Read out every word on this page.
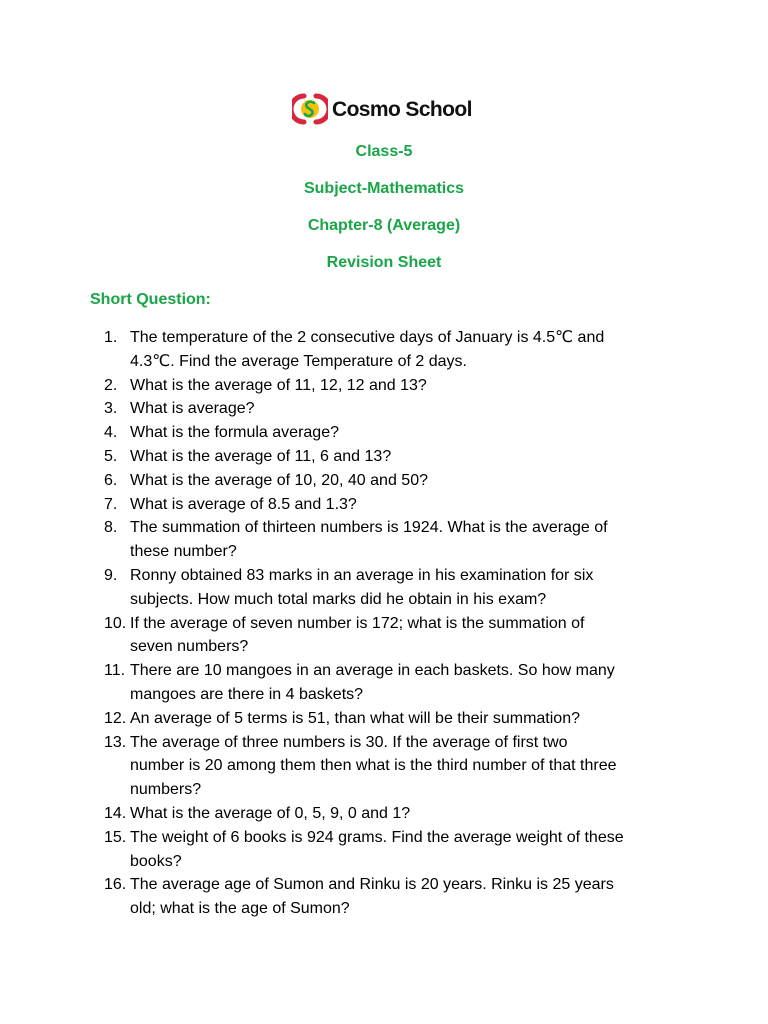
Cosmo School
Class-5
Subject-Mathematics
Chapter-8 (Average)
Revision Sheet
Short Question:
1. The temperature of the 2 consecutive days of January is 4.5℃ and
4.3℃. Find the average Temperature of 2 days.
2. What is the average of 11, 12, 12 and 13?
3. What is average?
4. What is the formula average?
5. What is the average of 11, 6 and 13?
6. What is the average of 10, 20, 40 and 50?
7. What is average of 8.5 and 1.3?
8. The summation of thirteen numbers is 1924. What is the average of
these number?
9. Ronny obtained 83 marks in an average in his examination for six
subjects. How much total marks did he obtain in his exam?
10. If the average of seven number is 172; what is the summation of
seven numbers?
11. There are 10 mangoes in an average in each baskets. So how many
mangoes are there in 4 baskets?
12. An average of 5 terms is 51, than what will be their summation?
13. The average of three numbers is 30. If the average of first two
number is 20 among them then what is the third number of that three
numbers?
14. What is the average of 0, 5, 9, 0 and 1?
15. The weight of 6 books is 924 grams. Find the average weight of these
books?
16. The average age of Sumon and Rinku is 20 years. Rinku is 25 years
old; what is the age of Sumon?
